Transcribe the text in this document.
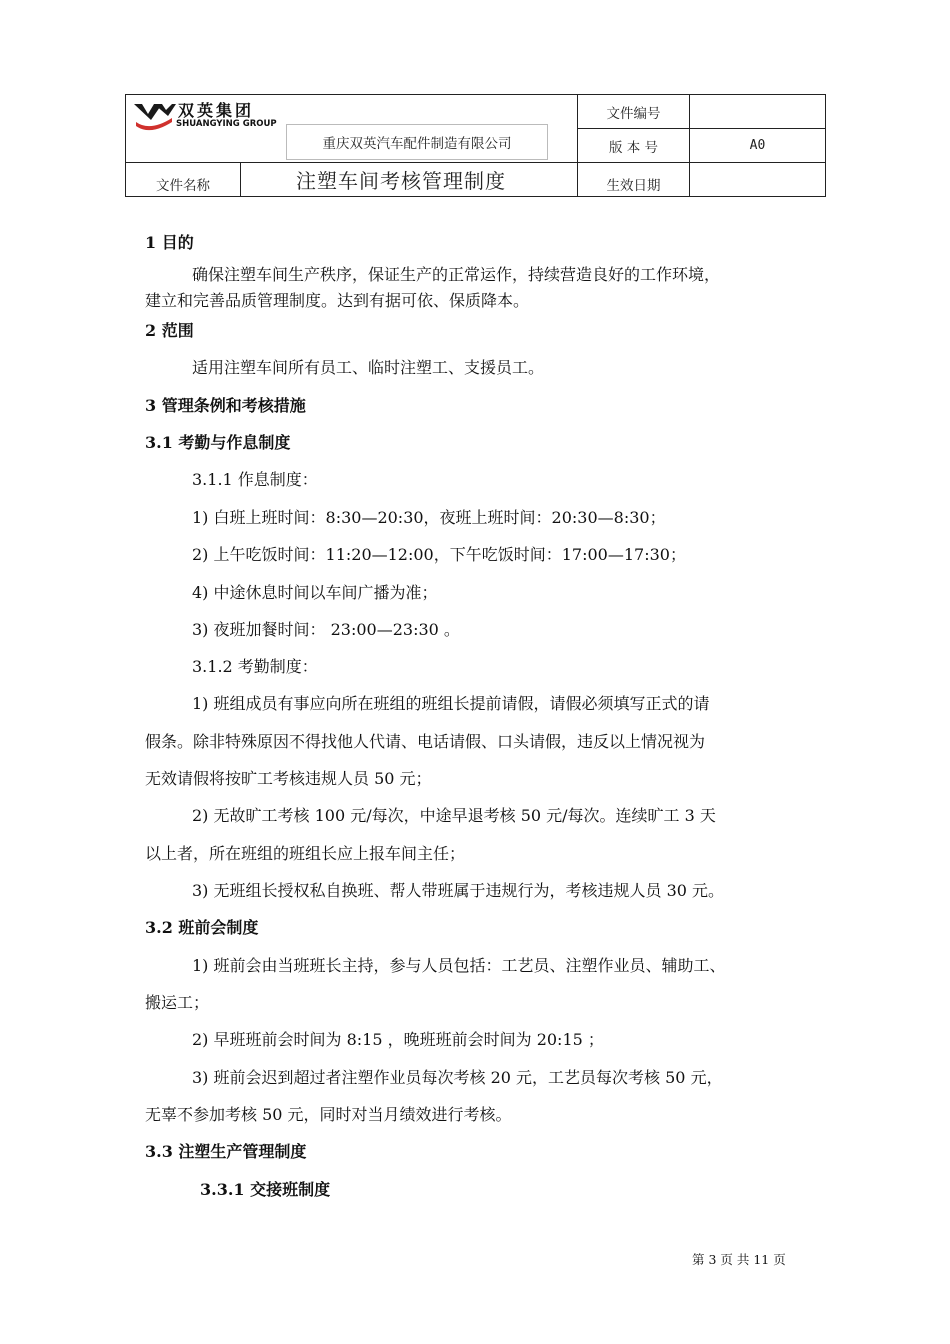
双英集团
SHUANGYING GROUP
重庆双英汽车配件制造有限公司
文件编号
版 本 号	A0
文件名称	注塑车间考核管理制度	生效日期
1 目的
确保注塑车间生产秩序，保证生产的正常运作，持续营造良好的工作环境，
建立和完善品质管理制度。达到有据可依、保质降本。
2 范围
适用注塑车间所有员工、临时注塑工、支援员工。
3 管理条例和考核措施
3.1 考勤与作息制度
3.1.1 作息制度：
1) 白班上班时间：8:30—20:30，夜班上班时间：20:30—8:30；
2) 上午吃饭时间：11:20—12:00，下午吃饭时间：17:00—17:30；
4) 中途休息时间以车间广播为准；
3) 夜班加餐时间： 23:00—23:30 。
3.1.2 考勤制度：
1) 班组成员有事应向所在班组的班组长提前请假，请假必须填写正式的请
假条。除非特殊原因不得找他人代请、电话请假、口头请假，违反以上情况视为
无效请假将按旷工考核违规人员 50 元；
2) 无故旷工考核 100 元/每次，中途早退考核 50 元/每次。连续旷工 3 天
以上者，所在班组的班组长应上报车间主任；
3) 无班组长授权私自换班、帮人带班属于违规行为，考核违规人员 30 元。
3.2 班前会制度
1) 班前会由当班班长主持，参与人员包括：工艺员、注塑作业员、辅助工、
搬运工；
2) 早班班前会时间为 8:15 ，晚班班前会时间为 20:15 ；
3) 班前会迟到超过者注塑作业员每次考核 20 元，工艺员每次考核 50 元，
无辜不参加考核 50 元，同时对当月绩效进行考核。
3.3 注塑生产管理制度
3.3.1 交接班制度
第 3 页 共 11 页
